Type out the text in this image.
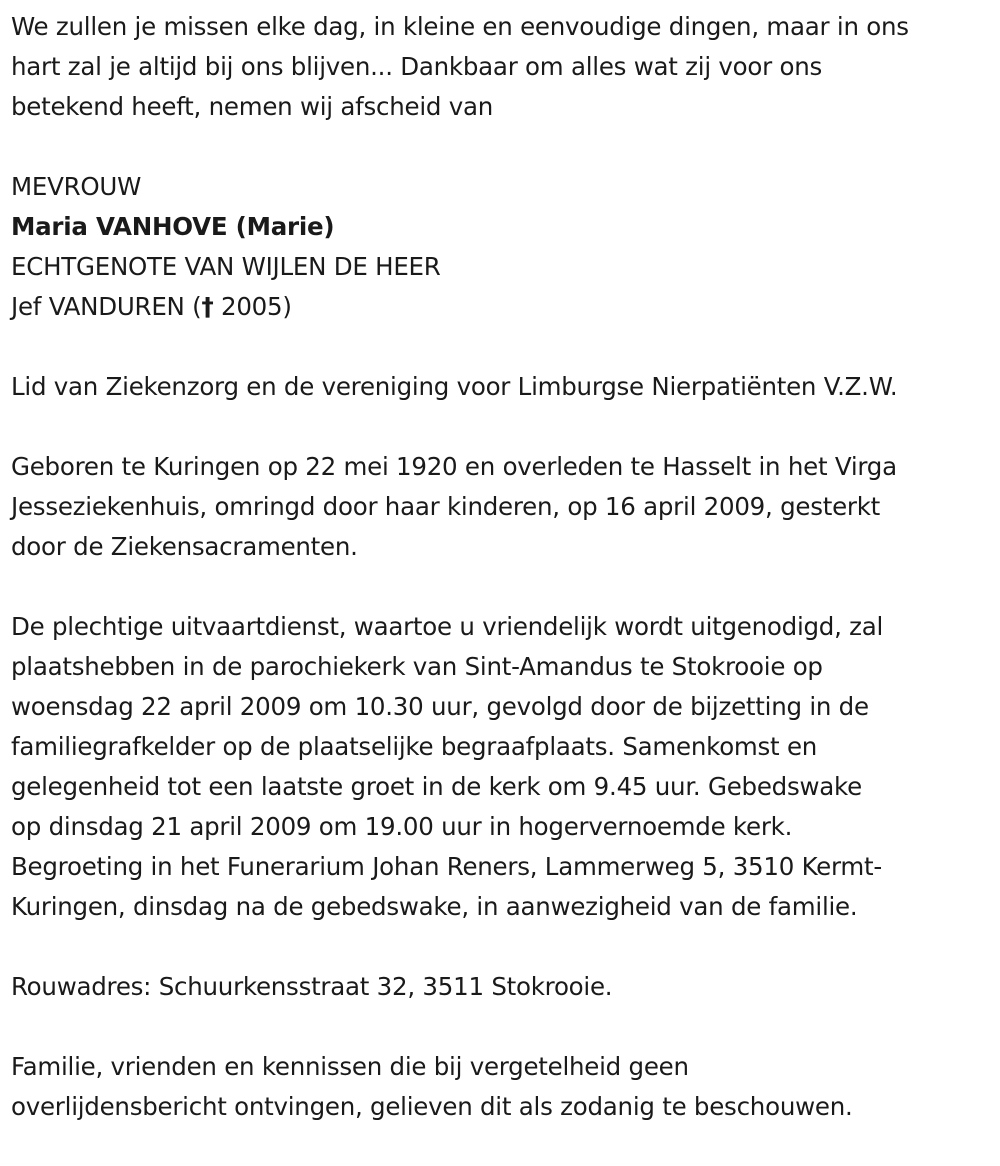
We zullen je missen elke dag, in kleine en eenvoudige dingen, maar in ons

hart zal je altijd bij ons blijven... Dankbaar om alles wat zij voor ons

betekend heeft, nemen wij afscheid van

MEVROUW

Maria VANHOVE (Marie)

ECHTGENOTE VAN WIJLEN DE HEER

Jef VANDUREN († 2005)

Lid van Ziekenzorg en de vereniging voor Limburgse Nierpatiënten V.Z.W.

Geboren te Kuringen op 22 mei 1920 en overleden te Hasselt in het Virga

Jesseziekenhuis, omringd door haar kinderen, op 16 april 2009, gesterkt

door de Ziekensacramenten.

De plechtige uitvaartdienst, waartoe u vriendelijk wordt uitgenodigd, zal

plaatshebben in de parochiekerk van Sint-Amandus te Stokrooie op

woensdag 22 april 2009 om 10.30 uur, gevolgd door de bijzetting in de

familiegrafkelder op de plaatselijke begraafplaats. Samenkomst en

gelegenheid tot een laatste groet in de kerk om 9.45 uur. Gebedswake

op dinsdag 21 april 2009 om 19.00 uur in hogervernoemde kerk.

Begroeting in het Funerarium Johan Reners, Lammerweg 5, 3510 Kermt-

Kuringen, dinsdag na de gebedswake, in aanwezigheid van de familie.

Rouwadres: Schuurkensstraat 32, 3511 Stokrooie.

Familie, vrienden en kennissen die bij vergetelheid geen

overlijdensbericht ontvingen, gelieven dit als zodanig te beschouwen.
